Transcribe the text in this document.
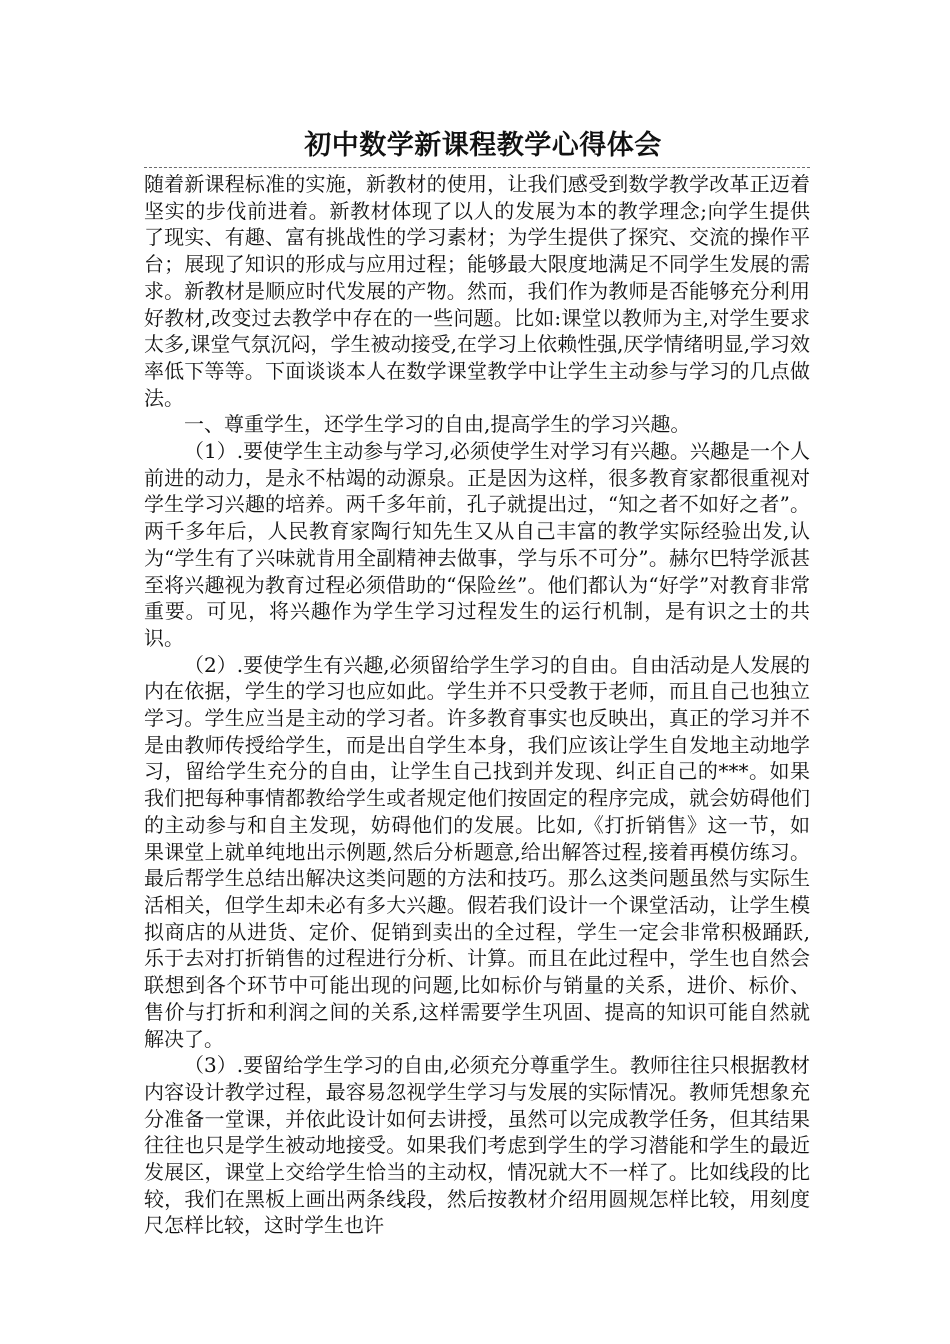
初中数学新课程教学心得体会

随着新课程标准的实施，新教材的使用，让我们感受到数学教学改革正迈着坚实的步伐前进着。新教材体现了以人的发展为本的教学理念;向学生提供了现实、有趣、富有挑战性的学习素材；为学生提供了探究、交流的操作平台；展现了知识的形成与应用过程；能够最大限度地满足不同学生发展的需求。新教材是顺应时代发展的产物。然而，我们作为教师是否能够充分利用好教材,改变过去教学中存在的一些问题。比如:课堂以教师为主,对学生要求太多,课堂气氛沉闷，学生被动接受,在学习上依赖性强,厌学情绪明显,学习效率低下等等。下面谈谈本人在数学课堂教学中让学生主动参与学习的几点做法。

一、尊重学生，还学生学习的自由,提高学生的学习兴趣。

（1）.要使学生主动参与学习,必须使学生对学习有兴趣。兴趣是一个人前进的动力，是永不枯竭的动源泉。正是因为这样，很多教育家都很重视对学生学习兴趣的培养。两千多年前，孔子就提出过，“知之者不如好之者”。两千多年后，人民教育家陶行知先生又从自己丰富的教学实际经验出发,认为“学生有了兴味就肯用全副精神去做事，学与乐不可分”。赫尔巴特学派甚至将兴趣视为教育过程必须借助的“保险丝”。他们都认为“好学”对教育非常重要。可见，将兴趣作为学生学习过程发生的运行机制，是有识之士的共识。

（2）.要使学生有兴趣,必须留给学生学习的自由。自由活动是人发展的内在依据，学生的学习也应如此。学生并不只受教于老师，而且自己也独立学习。学生应当是主动的学习者。许多教育事实也反映出，真正的学习并不是由教师传授给学生，而是出自学生本身，我们应该让学生自发地主动地学习，留给学生充分的自由，让学生自己找到并发现、纠正自己的***。如果我们把每种事情都教给学生或者规定他们按固定的程序完成，就会妨碍他们的主动参与和自主发现，妨碍他们的发展。比如,《打折销售》这一节，如果课堂上就单纯地出示例题,然后分析题意,给出解答过程,接着再模仿练习。最后帮学生总结出解决这类问题的方法和技巧。那么这类问题虽然与实际生活相关，但学生却未必有多大兴趣。假若我们设计一个课堂活动，让学生模拟商店的从进货、定价、促销到卖出的全过程，学生一定会非常积极踊跃,乐于去对打折销售的过程进行分析、计算。而且在此过程中，学生也自然会联想到各个环节中可能出现的问题,比如标价与销量的关系，进价、标价、售价与打折和利润之间的关系,这样需要学生巩固、提高的知识可能自然就解决了。

（3）.要留给学生学习的自由,必须充分尊重学生。教师往往只根据教材内容设计教学过程，最容易忽视学生学习与发展的实际情况。教师凭想象充分准备一堂课，并依此设计如何去讲授，虽然可以完成教学任务，但其结果往往也只是学生被动地接受。如果我们考虑到学生的学习潜能和学生的最近发展区，课堂上交给学生恰当的主动权，情况就大不一样了。比如线段的比较，我们在黑板上画出两条线段，然后按教材介绍用圆规怎样比较，用刻度尺怎样比较，这时学生也许
